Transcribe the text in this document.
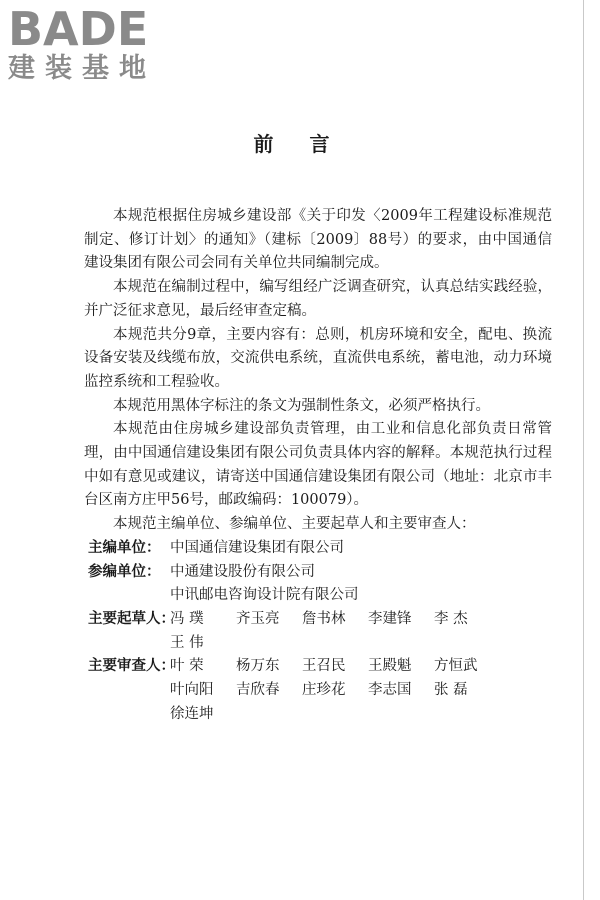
BADE
建装基地
前言

本规范根据住房城乡建设部《关于印发〈2009年工程建设标准规范制定、修订计划〉的通知》（建标〔2009〕88号）的要求，由中国通信建设集团有限公司会同有关单位共同编制完成。

本规范在编制过程中，编写组经广泛调查研究，认真总结实践经验，并广泛征求意见，最后经审查定稿。

本规范共分9章，主要内容有：总则，机房环境和安全，配电、换流设备安装及线缆布放，交流供电系统，直流供电系统，蓄电池，动力环境监控系统和工程验收。

本规范用黑体字标注的条文为强制性条文，必须严格执行。

本规范由住房城乡建设部负责管理，由工业和信息化部负责日常管理，由中国通信建设集团有限公司负责具体内容的解释。本规范执行过程中如有意见或建议，请寄送中国通信建设集团有限公司（地址：北京市丰台区南方庄甲56号，邮政编码：100079）。

本规范主编单位、参编单位、主要起草人和主要审查人：

主编单位： 中国通信建设集团有限公司
参编单位： 中通建设股份有限公司
中讯邮电咨询设计院有限公司
主要起草人：
冯 璞	齐玉亮	詹书林	李建锋	李 杰
王 伟
主要审查人：
叶 荣	杨万东	王召民	王殿魁	方恒武
叶向阳	吉欣春	庄珍花	李志国	张 磊
徐连坤
